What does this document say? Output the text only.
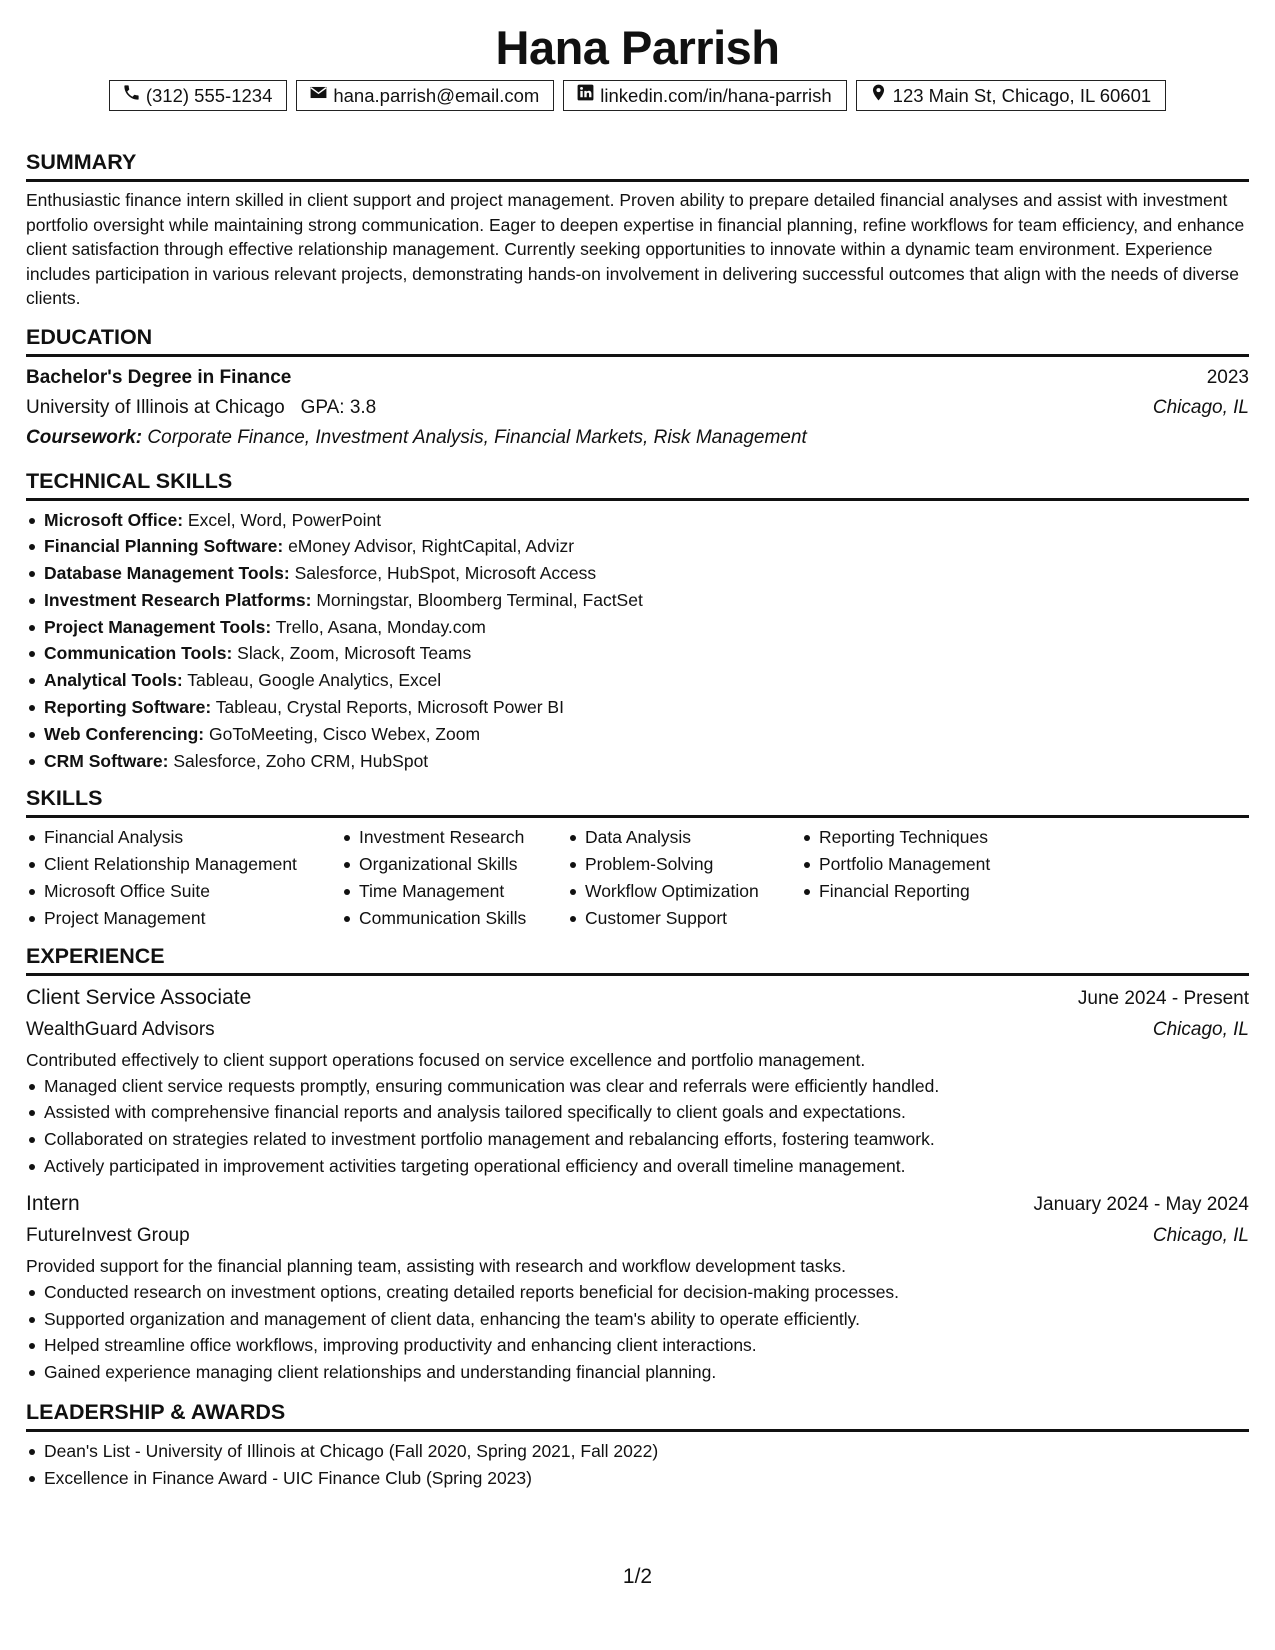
Hana Parrish
(312) 555-1234	hana.parrish@email.com	linkedin.com/in/hana-parrish	123 Main St, Chicago, IL 60601
SUMMARY
Enthusiastic finance intern skilled in client support and project management. Proven ability to prepare detailed financial analyses and assist with investment portfolio oversight while maintaining strong communication. Eager to deepen expertise in financial planning, refine workflows for team efficiency, and enhance client satisfaction through effective relationship management. Currently seeking opportunities to innovate within a dynamic team environment. Experience includes participation in various relevant projects, demonstrating hands-on involvement in delivering successful outcomes that align with the needs of diverse clients.
EDUCATION
Bachelor's Degree in Finance	2023
University of Illinois at Chicago GPA: 3.8	Chicago, IL
Coursework: Corporate Finance, Investment Analysis, Financial Markets, Risk Management
TECHNICAL SKILLS
Microsoft Office: Excel, Word, PowerPoint
Financial Planning Software: eMoney Advisor, RightCapital, Advizr
Database Management Tools: Salesforce, HubSpot, Microsoft Access
Investment Research Platforms: Morningstar, Bloomberg Terminal, FactSet
Project Management Tools: Trello, Asana, Monday.com
Communication Tools: Slack, Zoom, Microsoft Teams
Analytical Tools: Tableau, Google Analytics, Excel
Reporting Software: Tableau, Crystal Reports, Microsoft Power BI
Web Conferencing: GoToMeeting, Cisco Webex, Zoom
CRM Software: Salesforce, Zoho CRM, HubSpot
SKILLS
Financial Analysis
Client Relationship Management
Microsoft Office Suite
Project Management
Investment Research
Organizational Skills
Time Management
Communication Skills
Data Analysis
Problem-Solving
Workflow Optimization
Customer Support
Reporting Techniques
Portfolio Management
Financial Reporting
EXPERIENCE
Client Service Associate	June 2024 - Present
WealthGuard Advisors	Chicago, IL
Contributed effectively to client support operations focused on service excellence and portfolio management.
Managed client service requests promptly, ensuring communication was clear and referrals were efficiently handled.
Assisted with comprehensive financial reports and analysis tailored specifically to client goals and expectations.
Collaborated on strategies related to investment portfolio management and rebalancing efforts, fostering teamwork.
Actively participated in improvement activities targeting operational efficiency and overall timeline management.
Intern	January 2024 - May 2024
FutureInvest Group	Chicago, IL
Provided support for the financial planning team, assisting with research and workflow development tasks.
Conducted research on investment options, creating detailed reports beneficial for decision-making processes.
Supported organization and management of client data, enhancing the team's ability to operate efficiently.
Helped streamline office workflows, improving productivity and enhancing client interactions.
Gained experience managing client relationships and understanding financial planning.
LEADERSHIP & AWARDS
Dean's List - University of Illinois at Chicago (Fall 2020, Spring 2021, Fall 2022)
Excellence in Finance Award - UIC Finance Club (Spring 2023)
1/2
